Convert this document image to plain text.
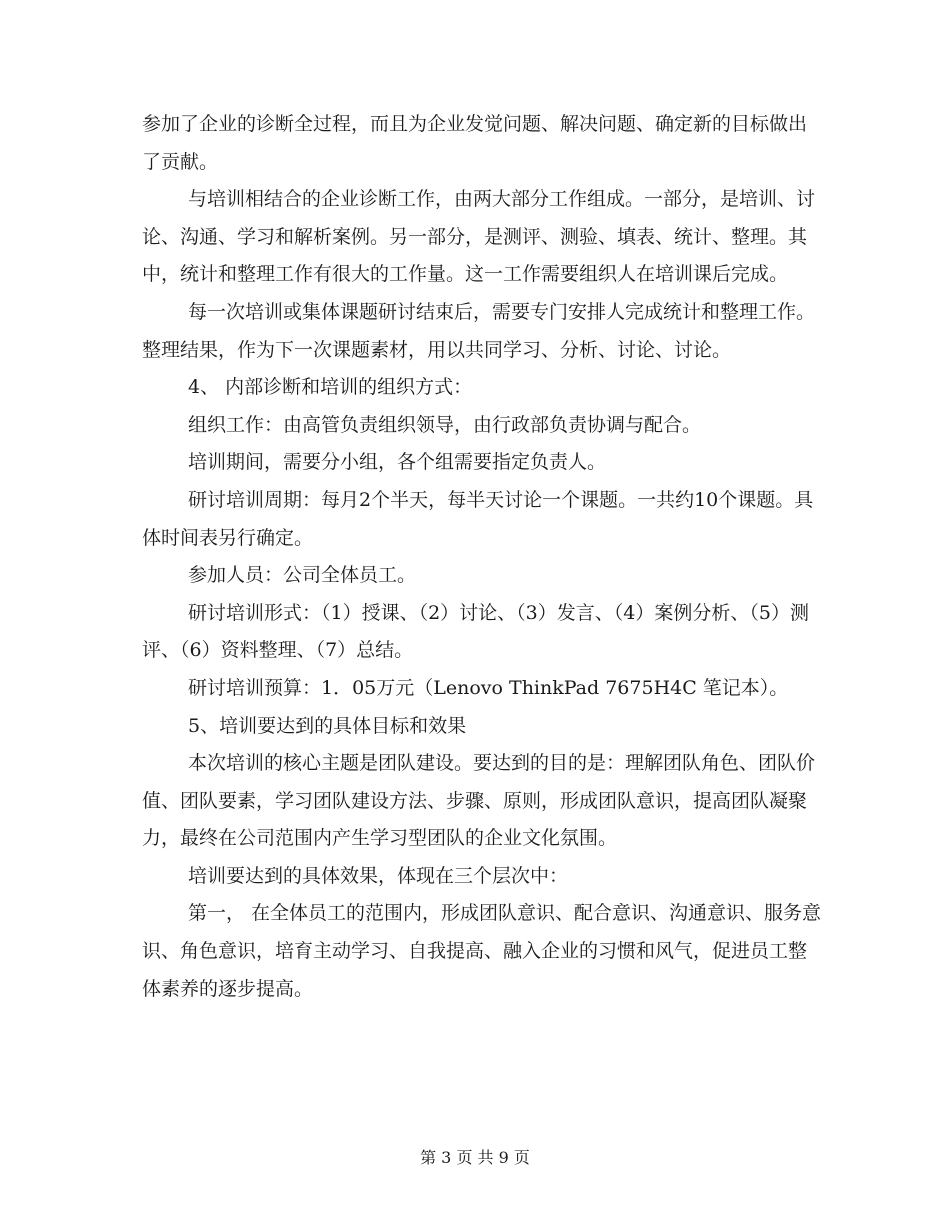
参加了企业的诊断全过程，而且为企业发觉问题、解决问题、确定新的目标做出了贡献。

与培训相结合的企业诊断工作，由两大部分工作组成。一部分，是培训、讨论、沟通、学习和解析案例。另一部分，是测评、测验、填表、统计、整理。其中，统计和整理工作有很大的工作量。这一工作需要组织人在培训课后完成。

每一次培训或集体课题研讨结束后，需要专门安排人完成统计和整理工作。整理结果，作为下一次课题素材，用以共同学习、分析、讨论、讨论。

4、 内部诊断和培训的组织方式：

组织工作：由高管负责组织领导，由行政部负责协调与配合。

培训期间，需要分小组，各个组需要指定负责人。

研讨培训周期：每月2个半天，每半天讨论一个课题。一共约10个课题。具体时间表另行确定。

参加人员：公司全体员工。

研讨培训形式：（1）授课、（2）讨论、（3）发言、（4）案例分析、（5）测评、（6）资料整理、（7）总结。

研讨培训预算：1．05万元（Lenovo ThinkPad 7675H4C 笔记本）。

5、培训要达到的具体目标和效果

本次培训的核心主题是团队建设。要达到的目的是：理解团队角色、团队价值、团队要素，学习团队建设方法、步骤、原则，形成团队意识，提高团队凝聚力，最终在公司范围内产生学习型团队的企业文化氛围。

培训要达到的具体效果，体现在三个层次中：

第一， 在全体员工的范围内，形成团队意识、配合意识、沟通意识、服务意识、角色意识，培育主动学习、自我提高、融入企业的习惯和风气，促进员工整体素养的逐步提高。

第 3 页 共 9 页
